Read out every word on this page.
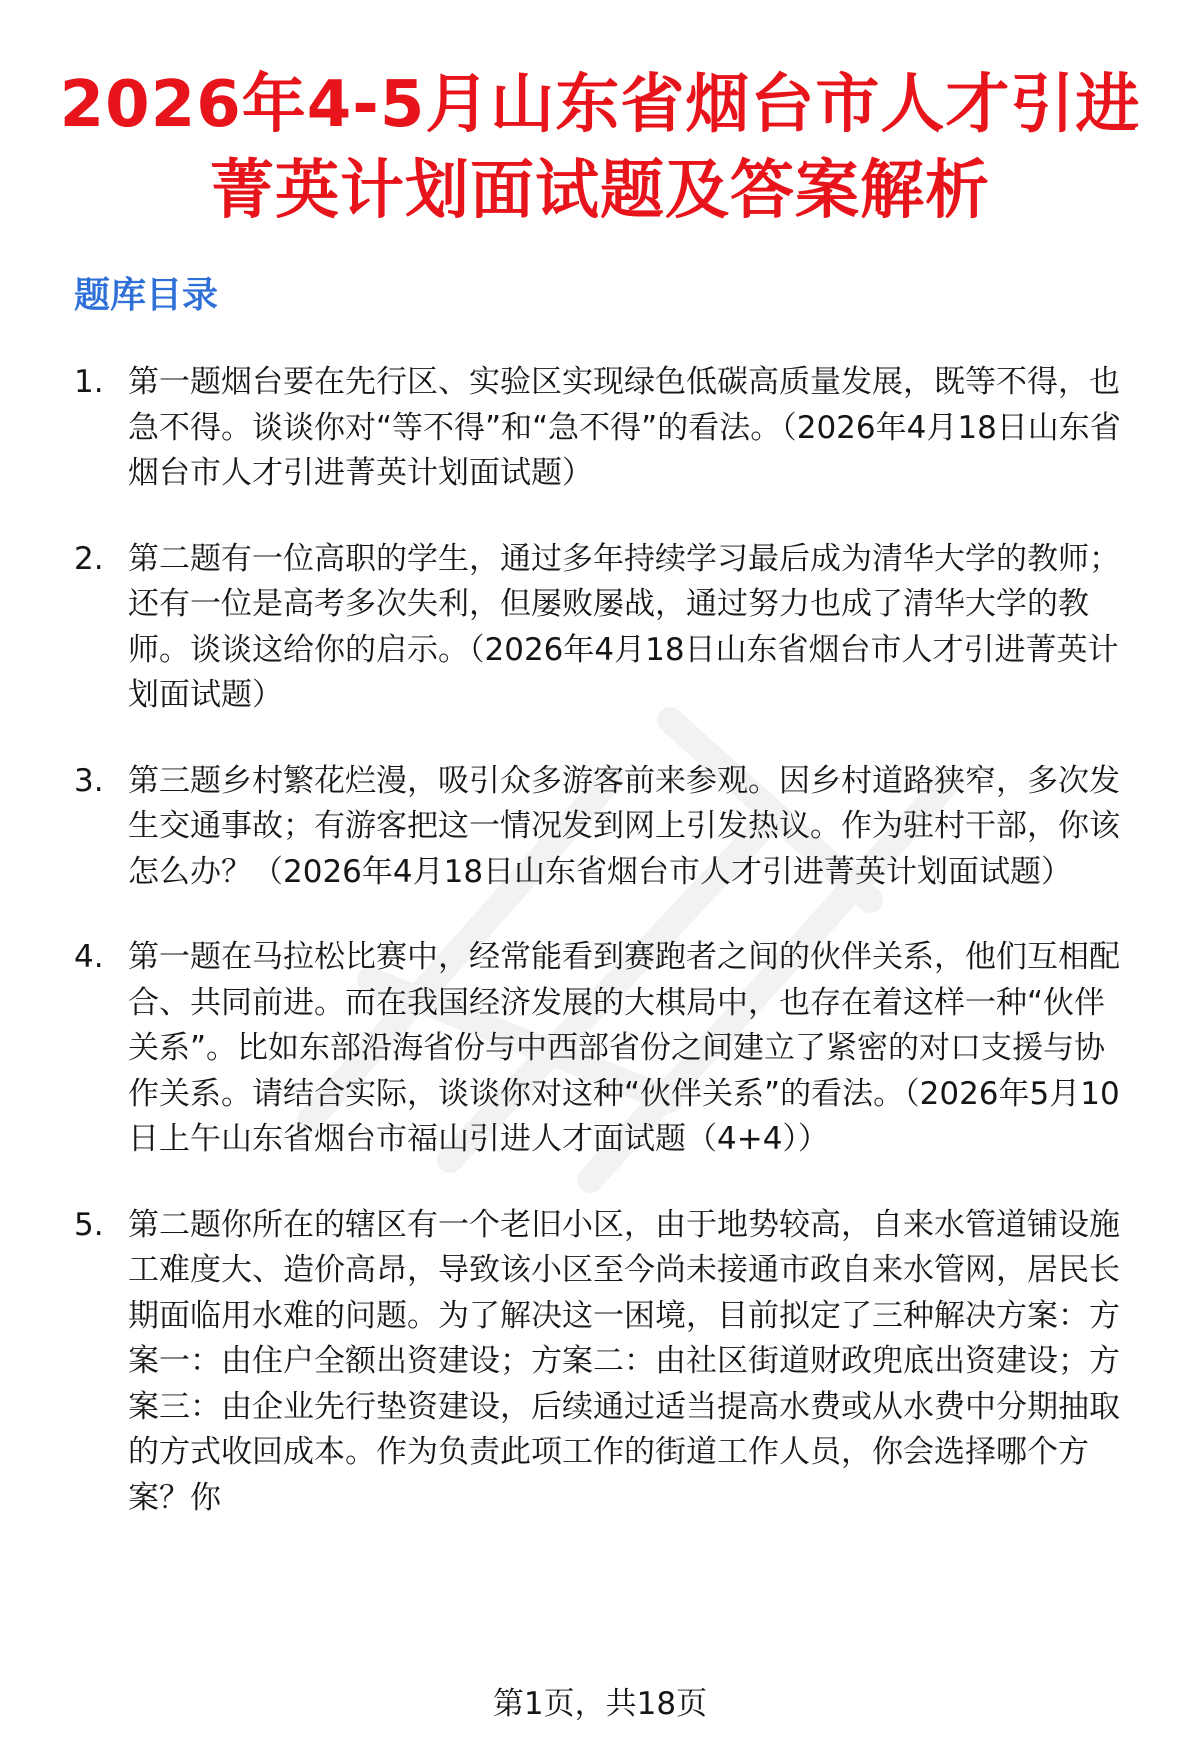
2026年4-5月山东省烟台市人才引进菁英计划面试题及答案解析
题库目录
1. 第一题烟台要在先行区、实验区实现绿色低碳高质量发展，既等不得，也急不得。谈谈你对“等不得”和“急不得”的看法。（2026年4月18日山东省烟台市人才引进菁英计划面试题）
2. 第二题有一位高职的学生，通过多年持续学习最后成为清华大学的教师；还有一位是高考多次失利，但屡败屡战，通过努力也成了清华大学的教师。谈谈这给你的启示。（2026年4月18日山东省烟台市人才引进菁英计划面试题）
3. 第三题乡村繁花烂漫，吸引众多游客前来参观。因乡村道路狭窄，多次发生交通事故；有游客把这一情况发到网上引发热议。作为驻村干部，你该怎么办？（2026年4月18日山东省烟台市人才引进菁英计划面试题）
4. 第一题在马拉松比赛中，经常能看到赛跑者之间的伙伴关系，他们互相配合、共同前进。而在我国经济发展的大棋局中，也存在着这样一种“伙伴关系”。比如东部沿海省份与中西部省份之间建立了紧密的对口支援与协作关系。请结合实际，谈谈你对这种“伙伴关系”的看法。（2026年5月10日上午山东省烟台市福山引进人才面试题（4+4））
5. 第二题你所在的辖区有一个老旧小区，由于地势较高，自来水管道铺设施工难度大、造价高昂，导致该小区至今尚未接通市政自来水管网，居民长期面临用水难的问题。为了解决这一困境，目前拟定了三种解决方案：方案一：由住户全额出资建设；方案二：由社区街道财政兜底出资建设；方案三：由企业先行垫资建设，后续通过适当提高水费或从水费中分期抽取的方式收回成本。作为负责此项工作的街道工作人员，你会选择哪个方案？你
第1页，共18页
